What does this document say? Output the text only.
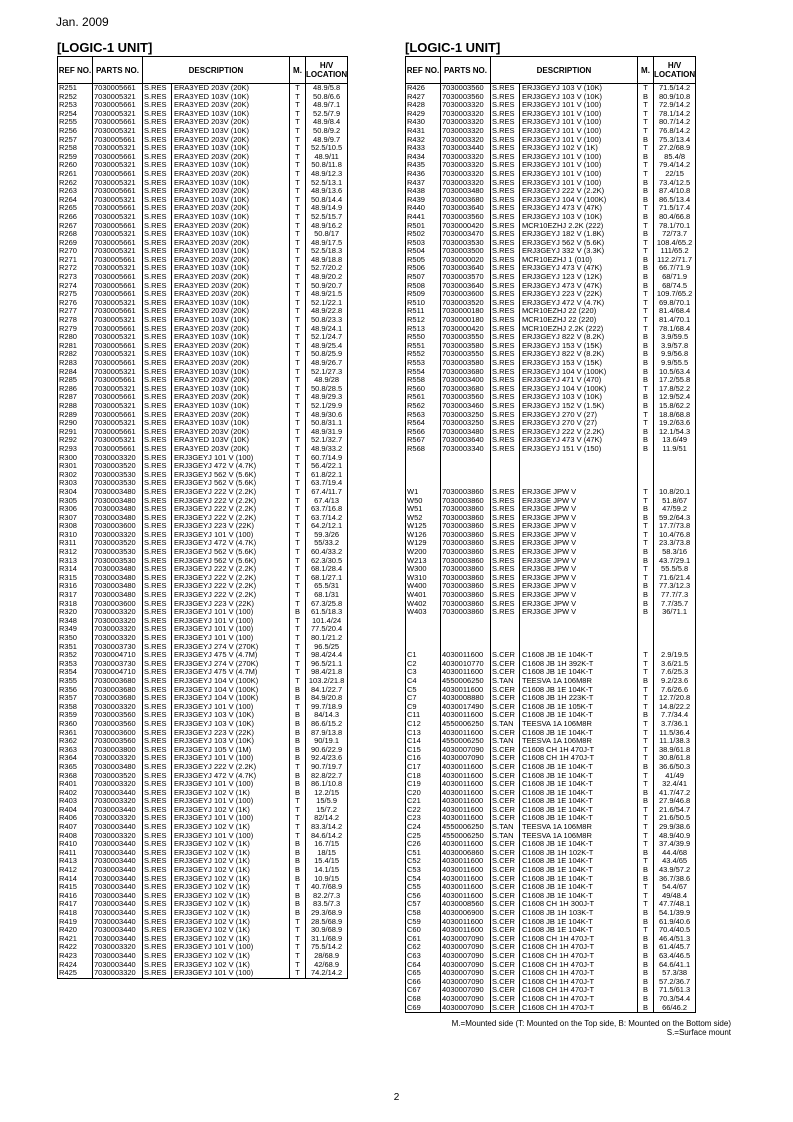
Jan. 2009
[LOGIC-1 UNIT]	[LOGIC-1 UNIT]
REF NO.	PARTS NO.	DESCRIPTION		M.	H/V LOCATION
R251	7030005661	S.RES	ERA3YED 203V (20K)	T	48.9/5.8
R252	7030005321	S.RES	ERA3YED 103V (10K)	T	50.8/6.6
R253	7030005661	S.RES	ERA3YED 203V (20K)	T	48.9/7.1
R254	7030005321	S.RES	ERA3YED 103V (10K)	T	52.5/7.9
R255	7030005661	S.RES	ERA3YED 203V (20K)	T	48.9/8.4
R256	7030005321	S.RES	ERA3YED 103V (10K)	T	50.8/9.2
R257	7030005661	S.RES	ERA3YED 203V (20K)	T	48.9/9.7
R258	7030005321	S.RES	ERA3YED 103V (10K)	T	52.5/10.5
R259	7030005661	S.RES	ERA3YED 203V (20K)	T	48.9/11
R260	7030005321	S.RES	ERA3YED 103V (10K)	T	50.8/11.8
R261	7030005661	S.RES	ERA3YED 203V (20K)	T	48.9/12.3
R262	7030005321	S.RES	ERA3YED 103V (10K)	T	52.5/13.1
R263	7030005661	S.RES	ERA3YED 203V (20K)	T	48.9/13.6
R264	7030005321	S.RES	ERA3YED 103V (10K)	T	50.8/14.4
R265	7030005661	S.RES	ERA3YED 203V (20K)	T	48.9/14.9
R266	7030005321	S.RES	ERA3YED 103V (10K)	T	52.5/15.7
R267	7030005661	S.RES	ERA3YED 203V (20K)	T	48.9/16.2
R268	7030005321	S.RES	ERA3YED 103V (10K)	T	50.8/17
R269	7030005661	S.RES	ERA3YED 203V (20K)	T	48.9/17.5
R270	7030005321	S.RES	ERA3YED 103V (10K)	T	52.5/18.3
R271	7030005661	S.RES	ERA3YED 203V (20K)	T	48.9/18.8
R272	7030005321	S.RES	ERA3YED 103V (10K)	T	52.7/20.2
R273	7030005661	S.RES	ERA3YED 203V (20K)	T	48.9/20.2
R274	7030005661	S.RES	ERA3YED 203V (20K)	T	50.9/20.7
R275	7030005661	S.RES	ERA3YED 203V (20K)	T	48.9/21.5
R276	7030005321	S.RES	ERA3YED 103V (10K)	T	52.1/22.1
R277	7030005661	S.RES	ERA3YED 203V (20K)	T	48.9/22.8
R278	7030005321	S.RES	ERA3YED 103V (10K)	T	50.8/23.3
R279	7030005661	S.RES	ERA3YED 203V (20K)	T	48.9/24.1
R280	7030005321	S.RES	ERA3YED 103V (10K)	T	52.1/24.7
R281	7030005661	S.RES	ERA3YED 203V (20K)	T	48.9/25.4
R282	7030005321	S.RES	ERA3YED 103V (10K)	T	50.8/25.9
R283	7030005661	S.RES	ERA3YED 203V (20K)	T	48.9/26.7
R284	7030005321	S.RES	ERA3YED 103V (10K)	T	52.1/27.3
R285	7030005661	S.RES	ERA3YED 203V (20K)	T	48.9/28
R286	7030005321	S.RES	ERA3YED 103V (10K)	T	50.8/28.5
R287	7030005661	S.RES	ERA3YED 203V (20K)	T	48.9/29.3
R288	7030005321	S.RES	ERA3YED 103V (10K)	T	52.1/29.9
R289	7030005661	S.RES	ERA3YED 203V (20K)	T	48.9/30.6
R290	7030005321	S.RES	ERA3YED 103V (10K)	T	50.8/31.1
R291	7030005661	S.RES	ERA3YED 203V (20K)	T	48.9/31.9
R292	7030005321	S.RES	ERA3YED 103V (10K)	T	52.1/32.7
R293	7030005661	S.RES	ERA3YED 203V (20K)	T	48.9/33.2
R300	7030003320	S.RES	ERJ3GEYJ 101 V (100)	T	60.7/14.9
R301	7030003520	S.RES	ERJ3GEYJ 472 V (4.7K)	T	56.4/22.1
R302	7030003530	S.RES	ERJ3GEYJ 562 V (5.6K)	T	61.8/22.1
R303	7030003530	S.RES	ERJ3GEYJ 562 V (5.6K)	T	63.7/19.4
R304	7030003480	S.RES	ERJ3GEYJ 222 V (2.2K)	T	67.4/11.7
R305	7030003480	S.RES	ERJ3GEYJ 222 V (2.2K)	T	67.4/13
R306	7030003480	S.RES	ERJ3GEYJ 222 V (2.2K)	T	63.7/16.8
R307	7030003480	S.RES	ERJ3GEYJ 222 V (2.2K)	T	63.7/14.2
R308	7030003600	S.RES	ERJ3GEYJ 223 V (22K)	T	64.2/12.1
R310	7030003320	S.RES	ERJ3GEYJ 101 V (100)	T	59.3/26
R311	7030003520	S.RES	ERJ3GEYJ 472 V (4.7K)	T	55/33.2
R312	7030003530	S.RES	ERJ3GEYJ 562 V (5.6K)	T	60.4/33.2
R313	7030003530	S.RES	ERJ3GEYJ 562 V (5.6K)	T	62.3/30.5
R314	7030003480	S.RES	ERJ3GEYJ 222 V (2.2K)	T	68.1/28.4
R315	7030003480	S.RES	ERJ3GEYJ 222 V (2.2K)	T	68.1/27.1
R316	7030003480	S.RES	ERJ3GEYJ 222 V (2.2K)	T	65.5/31
R317	7030003480	S.RES	ERJ3GEYJ 222 V (2.2K)	T	68.1/31
R318	7030003600	S.RES	ERJ3GEYJ 223 V (22K)	T	67.3/25.8
R320	7030003320	S.RES	ERJ3GEYJ 101 V (100)	B	61.5/18.3
R348	7030003320	S.RES	ERJ3GEYJ 101 V (100)	T	101.4/24
R349	7030003320	S.RES	ERJ3GEYJ 101 V (100)	T	77.5/20.4
R350	7030003320	S.RES	ERJ3GEYJ 101 V (100)	T	80.1/21.2
R351	7030003730	S.RES	ERJ3GEYJ 274 V (270K)	T	96.5/25
R352	7030004710	S.RES	ERJ3GEYJ 475 V (4.7M)	T	98.4/24.4
R353	7030003730	S.RES	ERJ3GEYJ 274 V (270K)	T	96.5/21.1
R354	7030004710	S.RES	ERJ3GEYJ 475 V (4.7M)	T	98.4/21.8
R355	7030003680	S.RES	ERJ3GEYJ 104 V (100K)	T	103.2/21.8
R356	7030003680	S.RES	ERJ3GEYJ 104 V (100K)	B	84.1/22.7
R357	7030003680	S.RES	ERJ3GEYJ 104 V (100K)	B	84.9/20.8
R358	7030003320	S.RES	ERJ3GEYJ 101 V (100)	T	99.7/18.9
R359	7030003560	S.RES	ERJ3GEYJ 103 V (10K)	B	84/14.3
R360	7030003560	S.RES	ERJ3GEYJ 103 V (10K)	B	86.6/15.2
R361	7030003600	S.RES	ERJ3GEYJ 223 V (22K)	B	87.9/13.8
R362	7030003560	S.RES	ERJ3GEYJ 103 V (10K)	B	90/19.1
R363	7030003800	S.RES	ERJ3GEYJ 105 V (1M)	B	90.6/22.9
R364	7030003320	S.RES	ERJ3GEYJ 101 V (100)	B	92.4/23.6
R365	7030003480	S.RES	ERJ3GEYJ 222 V (2.2K)	T	90.7/19.7
R368	7030003520	S.RES	ERJ3GEYJ 472 V (4.7K)	B	82.8/22.7
R401	7030003320	S.RES	ERJ3GEYJ 101 V (100)	B	86.1/10.8
R402	7030003440	S.RES	ERJ3GEYJ 102 V (1K)	B	12.2/15
R403	7030003320	S.RES	ERJ3GEYJ 101 V (100)	T	15/5.9
R404	7030003440	S.RES	ERJ3GEYJ 102 V (1K)	T	15/7.2
R406	7030003320	S.RES	ERJ3GEYJ 101 V (100)	T	82/14.2
R407	7030003440	S.RES	ERJ3GEYJ 102 V (1K)	T	83.3/14.2
R408	7030003320	S.RES	ERJ3GEYJ 101 V (100)	T	84.6/14.2
R410	7030003440	S.RES	ERJ3GEYJ 102 V (1K)	B	16.7/15
R411	7030003440	S.RES	ERJ3GEYJ 102 V (1K)	B	18/15
R413	7030003440	S.RES	ERJ3GEYJ 102 V (1K)	B	15.4/15
R412	7030003440	S.RES	ERJ3GEYJ 102 V (1K)	B	14.1/15
R414	7030003440	S.RES	ERJ3GEYJ 102 V (1K)	B	10.9/15
R415	7030003440	S.RES	ERJ3GEYJ 102 V (1K)	T	40.7/68.9
R416	7030003440	S.RES	ERJ3GEYJ 102 V (1K)	B	82.2/7.3
R417	7030003440	S.RES	ERJ3GEYJ 102 V (1K)	B	83.5/7.3
R418	7030003440	S.RES	ERJ3GEYJ 102 V (1K)	B	29.3/68.9
R419	7030003440	S.RES	ERJ3GEYJ 102 V (1K)	T	28.5/68.9
R420	7030003440	S.RES	ERJ3GEYJ 102 V (1K)	T	30.9/68.9
R421	7030003440	S.RES	ERJ3GEYJ 102 V (1K)	T	31.1/68.9
R422	7030003320	S.RES	ERJ3GEYJ 101 V (100)	T	75.5/14.2
R423	7030003440	S.RES	ERJ3GEYJ 102 V (1K)	T	28/68.9
R424	7030003440	S.RES	ERJ3GEYJ 102 V (1K)	T	42/68.9
R425	7030003320	S.RES	ERJ3GEYJ 101 V (100)	T	74.2/14.2
REF NO.	PARTS NO.	DESCRIPTION		M.	H/V LOCATION
R426	7030003560	S.RES	ERJ3GEYJ 103 V (10K)	T	71.5/14.2
R427	7030003560	S.RES	ERJ3GEYJ 103 V (10K)	B	80.9/10.8
R428	7030003320	S.RES	ERJ3GEYJ 101 V (100)	T	72.9/14.2
R429	7030003320	S.RES	ERJ3GEYJ 101 V (100)	T	78.1/14.2
R430	7030003320	S.RES	ERJ3GEYJ 101 V (100)	T	80.7/14.2
R431	7030003320	S.RES	ERJ3GEYJ 101 V (100)	T	76.8/14.2
R432	7030003320	S.RES	ERJ3GEYJ 101 V (100)	B	75.3/13.4
R433	7030003440	S.RES	ERJ3GEYJ 102 V (1K)	T	27.2/68.9
R434	7030003320	S.RES	ERJ3GEYJ 101 V (100)	B	85.4/8
R435	7030003320	S.RES	ERJ3GEYJ 101 V (100)	T	79.4/14.2
R436	7030003320	S.RES	ERJ3GEYJ 101 V (100)	T	22/15
R437	7030003320	S.RES	ERJ3GEYJ 101 V (100)	B	73.4/12.5
R438	7030003480	S.RES	ERJ3GEYJ 222 V (2.2K)	B	87.4/10.8
R439	7030003680	S.RES	ERJ3GEYJ 104 V (100K)	B	86.5/13.4
R440	7030003640	S.RES	ERJ3GEYJ 473 V (47K)	T	71.5/17.4
R441	7030003560	S.RES	ERJ3GEYJ 103 V (10K)	B	80.4/66.8
R501	7030000420	S.RES	MCR10EZHJ 2.2K (222)	T	78.1/70.1
R502	7030003470	S.RES	ERJ3GEYJ 182 V (1.8K)	B	72/73.7
R503	7030003530	S.RES	ERJ3GEYJ 562 V (5.6K)	T	108.4/65.2
R504	7030003500	S.RES	ERJ3GEYJ 332 V (3.3K)	T	111/65.2
R505	7030000020	S.RES	MCR10EZHJ 1 (010)	B	112.2/71.7
R506	7030003640	S.RES	ERJ3GEYJ 473 V (47K)	B	66.7/71.9
R507	7030003570	S.RES	ERJ3GEYJ 123 V (12K)	B	68/71.9
R508	7030003640	S.RES	ERJ3GEYJ 473 V (47K)	B	68/74.5
R509	7030003600	S.RES	ERJ3GEYJ 223 V (22K)	T	109.7/65.2
R510	7030003520	S.RES	ERJ3GEYJ 472 V (4.7K)	T	69.8/70.1
R511	7030000180	S.RES	MCR10EZHJ 22 (220)	T	81.4/68.4
R512	7030000180	S.RES	MCR10EZHJ 22 (220)	T	81.4/70.1
R513	7030000420	S.RES	MCR10EZHJ 2.2K (222)	T	78.1/68.4
R550	7030003550	S.RES	ERJ3GEYJ 822 V (8.2K)	B	3.9/59.5
R551	7030003580	S.RES	ERJ3GEYJ 153 V (15K)	B	3.9/57.8
R552	7030003550	S.RES	ERJ3GEYJ 822 V (8.2K)	B	9.9/56.8
R553	7030003580	S.RES	ERJ3GEYJ 153 V (15K)	B	9.9/55.5
R554	7030003680	S.RES	ERJ3GEYJ 104 V (100K)	B	10.5/63.4
R558	7030003400	S.RES	ERJ3GEYJ 471 V (470)	B	17.2/55.8
R560	7030003680	S.RES	ERJ3GEYJ 104 V (100K)	T	17.8/52.2
R561	7030003560	S.RES	ERJ3GEYJ 103 V (10K)	B	12.9/52.4
R562	7030003460	S.RES	ERJ3GEYJ 152 V (1.5K)	B	15.8/62.2
R563	7030003250	S.RES	ERJ3GEYJ 270 V (27)	T	18.8/68.8
R564	7030003250	S.RES	ERJ3GEYJ 270 V (27)	T	19.2/63.6
R566	7030003480	S.RES	ERJ3GEYJ 222 V (2.2K)	B	12.1/54.3
R567	7030003640	S.RES	ERJ3GEYJ 473 V (47K)	B	13.6/49
R568	7030003340	S.RES	ERJ3GEYJ 151 V (150)	B	11.9/51

W1	7030003860	S.RES	ERJ3GE JPW V	T	10.8/20.1
W50	7030003860	S.RES	ERJ3GE JPW V	T	51.8/67
W51	7030003860	S.RES	ERJ3GE JPW V	B	47/59.2
W52	7030003860	S.RES	ERJ3GE JPW V	B	59.2/64.3
W125	7030003860	S.RES	ERJ3GE JPW V	T	17.7/73.8
W126	7030003860	S.RES	ERJ3GE JPW V	T	10.4/76.8
W129	7030003860	S.RES	ERJ3GE JPW V	T	23.3/73.8
W200	7030003860	S.RES	ERJ3GE JPW V	B	58.3/16
W213	7030003860	S.RES	ERJ3GE JPW V	B	43.7/29.1
W300	7030003860	S.RES	ERJ3GE JPW V	T	55.5/5.8
W310	7030003860	S.RES	ERJ3GE JPW V	T	71.6/21.4
W400	7030003860	S.RES	ERJ3GE JPW V	B	77.3/12.3
W401	7030003860	S.RES	ERJ3GE JPW V	B	77.7/7.3
W402	7030003860	S.RES	ERJ3GE JPW V	B	7.7/35.7
W403	7030003860	S.RES	ERJ3GE JPW V	B	36/71.1

C1	4030011600	S.CER	C1608 JB 1E 104K-T	T	2.9/19.5
C2	4030010770	S.CER	C1608 JB 1H 392K-T	T	3.6/21.5
C3	4030011600	S.CER	C1608 JB 1E 104K-T	T	7.6/25.3
C4	4550006250	S.TAN	TEESVA 1A 106M8R	B	9.2/23.6
C5	4030011600	S.CER	C1608 JB 1E 104K-T	T	7.6/26.6
C7	4030008880	S.CER	C1608 JB 1H 223K-T	T	12.7/20.8
C9	4030017490	S.CER	C1608 JB 1E 105K-T	T	14.8/22.2
C11	4030011600	S.CER	C1608 JB 1E 104K-T	B	7.7/34.4
C12	4550006250	S.TAN	TEESVA 1A 106M8R	T	3.7/36.1
C13	4030011600	S.CER	C1608 JB 1E 104K-T	T	11.5/36.4
C14	4550006250	S.TAN	TEESVA 1A 106M8R	T	11.1/38.3
C15	4030007090	S.CER	C1608 CH 1H 470J-T	T	38.9/61.8
C16	4030007090	S.CER	C1608 CH 1H 470J-T	T	30.8/61.8
C17	4030011600	S.CER	C1608 JB 1E 104K-T	B	36.6/50.3
C18	4030011600	S.CER	C1608 JB 1E 104K-T	T	41/49
C19	4030011600	S.CER	C1608 JB 1E 104K-T	T	32.4/41
C20	4030011600	S.CER	C1608 JB 1E 104K-T	B	41.7/47.2
C21	4030011600	S.CER	C1608 JB 1E 104K-T	B	27.9/46.8
C22	4030011600	S.CER	C1608 JB 1E 104K-T	T	21.6/54.7
C23	4030011600	S.CER	C1608 JB 1E 104K-T	T	21.6/50.5
C24	4550006250	S.TAN	TEESVA 1A 106M8R	T	29.9/38.6
C25	4550006250	S.TAN	TEESVA 1A 106M8R	T	48.9/40.9
C26	4030011600	S.CER	C1608 JB 1E 104K-T	T	37.4/39.9
C51	4030006860	S.CER	C1608 JB 1H 102K-T	B	44.4/68
C52	4030011600	S.CER	C1608 JB 1E 104K-T	T	43.4/65
C53	4030011600	S.CER	C1608 JB 1E 104K-T	B	43.9/57.2
C54	4030011600	S.CER	C1608 JB 1E 104K-T	B	36.7/38.6
C55	4030011600	S.CER	C1608 JB 1E 104K-T	T	54.4/67
C56	4030011600	S.CER	C1608 JB 1E 104K-T	T	49/48.4
C57	4030008560	S.CER	C1608 CH 1H 300J-T	T	47.7/48.1
C58	4030006900	S.CER	C1608 JB 1H 103K-T	B	54.1/39.9
C59	4030011600	S.CER	C1608 JB 1E 104K-T	B	61.9/40.6
C60	4030011600	S.CER	C1608 JB 1E 104K-T	T	70.4/40.5
C61	4030007090	S.CER	C1608 CH 1H 470J-T	B	46.4/51.3
C62	4030007090	S.CER	C1608 CH 1H 470J-T	B	61.4/45.7
C63	4030007090	S.CER	C1608 CH 1H 470J-T	B	63.4/46.5
C64	4030007090	S.CER	C1608 CH 1H 470J-T	B	64.6/41.1
C65	4030007090	S.CER	C1608 CH 1H 470J-T	B	57.3/38
C66	4030007090	S.CER	C1608 CH 1H 470J-T	B	57.2/36.7
C67	4030007090	S.CER	C1608 CH 1H 470J-T	B	71.5/61.3
C68	4030007090	S.CER	C1608 CH 1H 470J-T	B	70.3/54.4
C69	4030007090	S.CER	C1608 CH 1H 470J-T	B	66/46.2
M.=Mounted side (T: Mounted on the Top side, B: Mounted on the Bottom side)
S.=Surface mount
2
